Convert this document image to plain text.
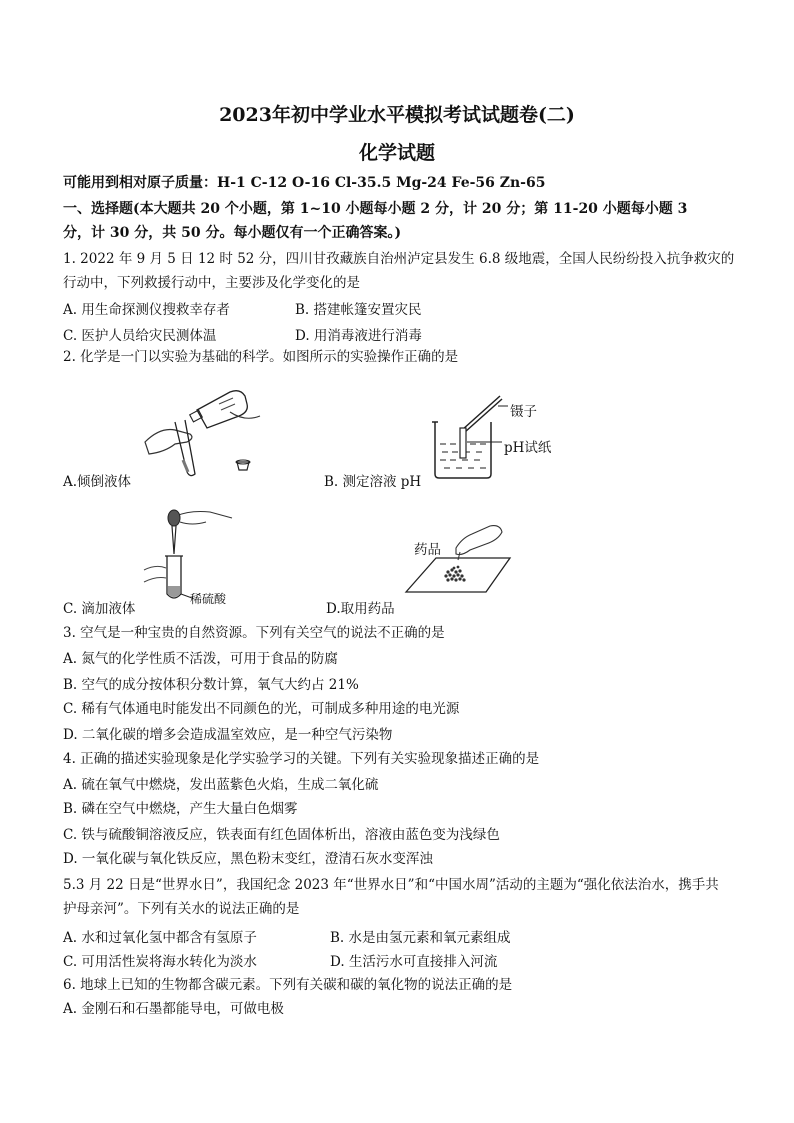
2023年初中学业水平模拟考试试题卷(二)
化学试题
可能用到相对原子质量：H-1 C-12 O-16 Cl-35.5 Mg-24 Fe-56 Zn-65
一、选择题(本大题共 20 个小题，第 1~10 小题每小题 2 分，计 20 分；第 11-20 小题每小题 3
分，计 30 分，共 50 分。每小题仅有一个正确答案。)
1. 2022 年 9 月 5 日 12 时 52 分，四川甘孜藏族自治州泸定县发生 6.8 级地震，全国人民纷纷投入抗争救灾的
行动中，下列救援行动中，主要涉及化学变化的是
A. 用生命探测仪搜救幸存者	B. 搭建帐篷安置灾民
C. 医护人员给灾民测体温	D. 用消毒液进行消毒
2. 化学是一门以实验为基础的科学。如图所示的实验操作正确的是
A.倾倒液体
镊子
pH试纸
B. 测定溶液 pH
稀硫酸
C. 滴加液体
药品
D.取用药品
3. 空气是一种宝贵的自然资源。下列有关空气的说法不正确的是
A. 氮气的化学性质不活泼，可用于食品的防腐
B. 空气的成分按体积分数计算，氧气大约占 21%
C. 稀有气体通电时能发出不同颜色的光，可制成多种用途的电光源
D. 二氧化碳的增多会造成温室效应，是一种空气污染物
4. 正确的描述实验现象是化学实验学习的关键。下列有关实验现象描述正确的是
A. 硫在氧气中燃烧，发出蓝紫色火焰，生成二氧化硫
B. 磷在空气中燃烧，产生大量白色烟雾
C. 铁与硫酸铜溶液反应，铁表面有红色固体析出，溶液由蓝色变为浅绿色
D. 一氧化碳与氧化铁反应，黑色粉末变红，澄清石灰水变浑浊
5.3 月 22 日是“世界水日”，我国纪念 2023 年“世界水日”和“中国水周”活动的主题为“强化依法治水，携手共
护母亲河”。下列有关水的说法正确的是
A. 水和过氧化氢中都含有氢原子	B. 水是由氢元素和氧元素组成
C. 可用活性炭将海水转化为淡水	D. 生活污水可直接排入河流
6. 地球上已知的生物都含碳元素。下列有关碳和碳的氧化物的说法正确的是
A. 金刚石和石墨都能导电，可做电极
